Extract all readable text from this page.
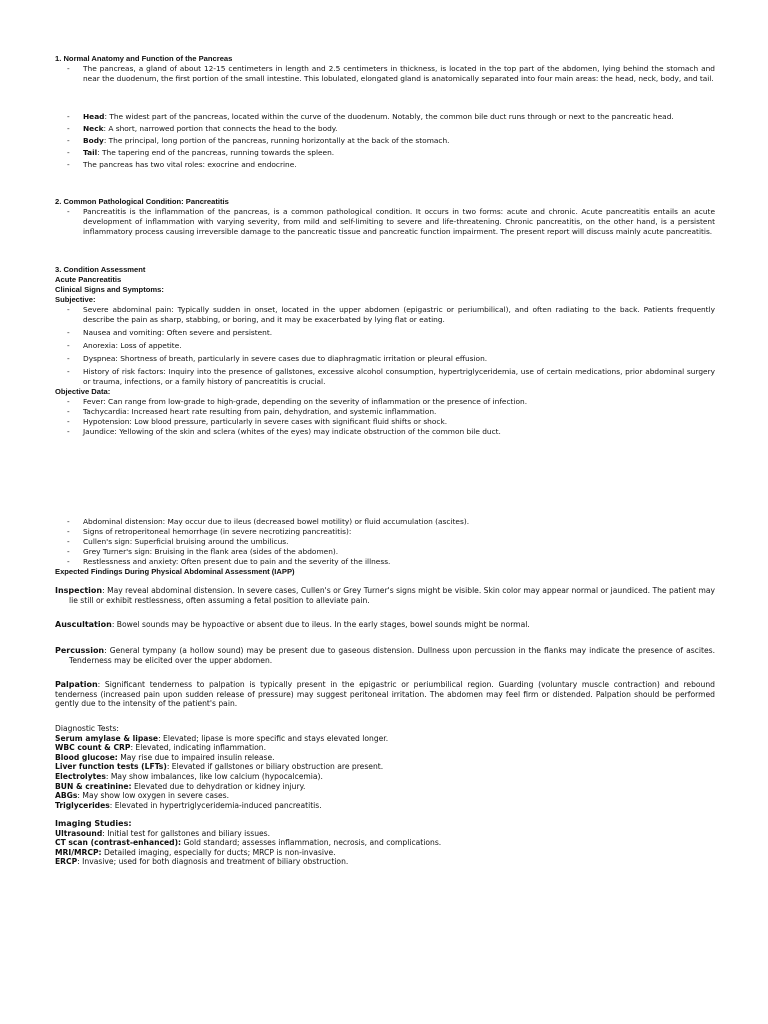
1. Normal Anatomy and Function of the Pancreas
- The pancreas, a gland of about 12-15 centimeters in length and 2.5 centimeters in thickness, is located in the top part of the abdomen, lying behind the stomach and near the duodenum, the first portion of the small intestine. This lobulated, elongated gland is anatomically separated into four main areas: the head, neck, body, and tail.
- Head: The widest part of the pancreas, located within the curve of the duodenum. Notably, the common bile duct runs through or next to the pancreatic head.
- Neck: A short, narrowed portion that connects the head to the body.
- Body: The principal, long portion of the pancreas, running horizontally at the back of the stomach.
- Tail: The tapering end of the pancreas, running towards the spleen.
- The pancreas has two vital roles: exocrine and endocrine.
2. Common Pathological Condition: Pancreatitis
- Pancreatitis is the inflammation of the pancreas, is a common pathological condition. It occurs in two forms: acute and chronic. Acute pancreatitis entails an acute development of inflammation with varying severity, from mild and self-limiting to severe and life-threatening. Chronic pancreatitis, on the other hand, is a persistent inflammatory process causing irreversible damage to the pancreatic tissue and pancreatic function impairment. The present report will discuss mainly acute pancreatitis.
3. Condition Assessment
Acute Pancreatitis
Clinical Signs and Symptoms:
Subjective:
- Severe abdominal pain: Typically sudden in onset, located in the upper abdomen (epigastric or periumbilical), and often radiating to the back. Patients frequently describe the pain as sharp, stabbing, or boring, and it may be exacerbated by lying flat or eating.
- Nausea and vomiting: Often severe and persistent.
- Anorexia: Loss of appetite.
- Dyspnea: Shortness of breath, particularly in severe cases due to diaphragmatic irritation or pleural effusion.
- History of risk factors: Inquiry into the presence of gallstones, excessive alcohol consumption, hypertriglyceridemia, use of certain medications, prior abdominal surgery or trauma, infections, or a family history of pancreatitis is crucial.
Objective Data:
- Fever: Can range from low-grade to high-grade, depending on the severity of inflammation or the presence of infection.
- Tachycardia: Increased heart rate resulting from pain, dehydration, and systemic inflammation.
- Hypotension: Low blood pressure, particularly in severe cases with significant fluid shifts or shock.
- Jaundice: Yellowing of the skin and sclera (whites of the eyes) may indicate obstruction of the common bile duct.
- Abdominal distension: May occur due to ileus (decreased bowel motility) or fluid accumulation (ascites).
- Signs of retroperitoneal hemorrhage (in severe necrotizing pancreatitis):
- Cullen's sign: Superficial bruising around the umbilicus.
- Grey Turner's sign: Bruising in the flank area (sides of the abdomen).
- Restlessness and anxiety: Often present due to pain and the severity of the illness.
Expected Findings During Physical Abdominal Assessment (IAPP)
Inspection: May reveal abdominal distension. In severe cases, Cullen's or Grey Turner's signs might be visible. Skin color may appear normal or jaundiced. The patient may lie still or exhibit restlessness, often assuming a fetal position to alleviate pain.
Auscultation: Bowel sounds may be hypoactive or absent due to ileus. In the early stages, bowel sounds might be normal.
Percussion: General tympany (a hollow sound) may be present due to gaseous distension. Dullness upon percussion in the flanks may indicate the presence of ascites. Tenderness may be elicited over the upper abdomen.
Palpation: Significant tenderness to palpation is typically present in the epigastric or periumbilical region. Guarding (voluntary muscle contraction) and rebound tenderness (increased pain upon sudden release of pressure) may suggest peritoneal irritation. The abdomen may feel firm or distended. Palpation should be performed gently due to the intensity of the patient's pain.
Diagnostic Tests:
Serum amylase & lipase: Elevated; lipase is more specific and stays elevated longer.
WBC count & CRP: Elevated, indicating inflammation.
Blood glucose: May rise due to impaired insulin release.
Liver function tests (LFTs): Elevated if gallstones or biliary obstruction are present.
Electrolytes: May show imbalances, like low calcium (hypocalcemia).
BUN & creatinine: Elevated due to dehydration or kidney injury.
ABGs: May show low oxygen in severe cases.
Triglycerides: Elevated in hypertriglyceridemia-induced pancreatitis.
Imaging Studies:
Ultrasound: Initial test for gallstones and biliary issues.
CT scan (contrast-enhanced): Gold standard; assesses inflammation, necrosis, and complications.
MRI/MRCP: Detailed imaging, especially for ducts; MRCP is non-invasive.
ERCP: Invasive; used for both diagnosis and treatment of biliary obstruction.
